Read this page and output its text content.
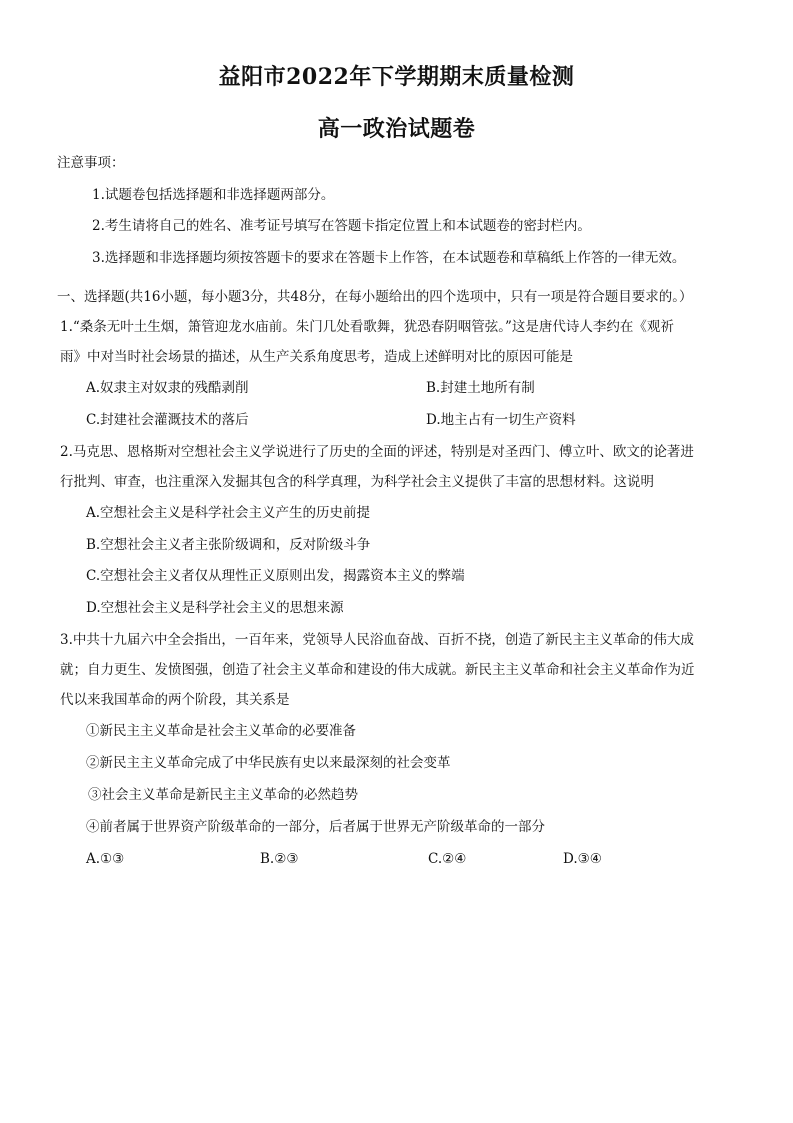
益阳市2022年下学期期末质量检测
高一政治试题卷
注意事项：
1.试题卷包括选择题和非选择题两部分。
2.考生请将自己的姓名、准考证号填写在答题卡指定位置上和本试题卷的密封栏内。
3.选择题和非选择题均须按答题卡的要求在答题卡上作答，在本试题卷和草稿纸上作答的一律无效。
一、选择题(共16小题，每小题3分，共48分，在每小题给出的四个选项中，只有一项是符合题目要求的。）
1.“桑条无叶土生烟，箫管迎龙水庙前。朱门几处看歌舞，犹恐春阴咽管弦。”这是唐代诗人李约在《观祈
雨》中对当时社会场景的描述，从生产关系角度思考，造成上述鲜明对比的原因可能是
A.奴隶主对奴隶的残酷剥削	B.封建土地所有制
C.封建社会灌溉技术的落后	D.地主占有一切生产资料
2.马克思、恩格斯对空想社会主义学说进行了历史的全面的评述，特别是对圣西门、傅立叶、欧文的论著进
行批判、审查，也注重深入发掘其包含的科学真理，为科学社会主义提供了丰富的思想材料。这说明
A.空想社会主义是科学社会主义产生的历史前提
B.空想社会主义者主张阶级调和，反对阶级斗争
C.空想社会主义者仅从理性正义原则出发，揭露资本主义的弊端
D.空想社会主义是科学社会主义的思想来源
3.中共十九届六中全会指出，一百年来，党领导人民浴血奋战、百折不挠，创造了新民主主义革命的伟大成
就；自力更生、发愤图强，创造了社会主义革命和建设的伟大成就。新民主主义革命和社会主义革命作为近
代以来我国革命的两个阶段，其关系是
①新民主主义革命是社会主义革命的必要准备
②新民主主义革命完成了中华民族有史以来最深刻的社会变革
③社会主义革命是新民主主义革命的必然趋势
④前者属于世界资产阶级革命的一部分，后者属于世界无产阶级革命的一部分
A.①③	B.②③	C.②④	D.③④
